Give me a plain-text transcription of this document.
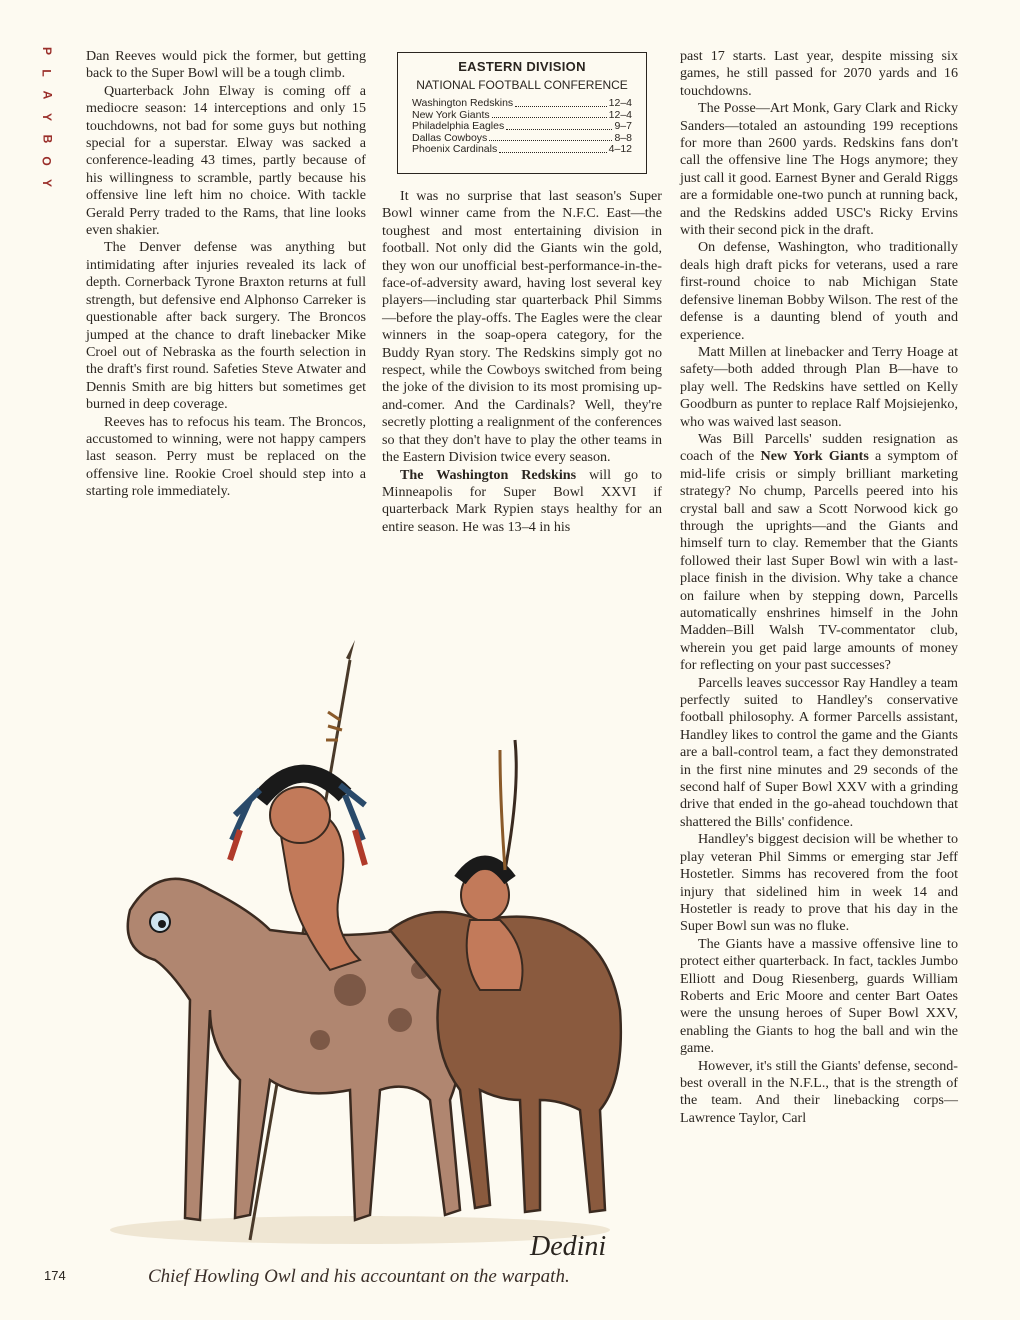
P
L
A
Y
B
O
Y

Dan Reeves would pick the former, but getting back to the Super Bowl will be a tough climb.

Quarterback John Elway is coming off a mediocre season: 14 interceptions and only 15 touchdowns, not bad for some guys but nothing special for a superstar. Elway was sacked a conference-leading 43 times, partly because of his willingness to scramble, partly because his offensive line left him no choice. With tackle Gerald Perry traded to the Rams, that line looks even shakier.

The Denver defense was anything but intimidating after injuries revealed its lack of depth. Cornerback Tyrone Braxton returns at full strength, but defensive end Alphonso Carreker is questionable after back surgery. The Broncos jumped at the chance to draft linebacker Mike Croel out of Nebraska as the fourth selection in the draft's first round. Safeties Steve Atwater and Dennis Smith are big hitters but sometimes get burned in deep coverage.

Reeves has to refocus his team. The Broncos, accustomed to winning, were not happy campers last season. Perry must be replaced on the offensive line. Rookie Croel should step into a starting role immediately.

EASTERN DIVISION
NATIONAL FOOTBALL CONFERENCE
Washington Redskins	12–4
New York Giants	12–4
Philadelphia Eagles	9–7
Dallas Cowboys	8–8
Phoenix Cardinals	4–12

It was no surprise that last season's Super Bowl winner came from the N.F.C. East—the toughest and most entertaining division in football. Not only did the Giants win the gold, they won our unofficial best-performance-in-the-face-of-adversity award, having lost several key players—including star quarterback Phil Simms—before the play-offs. The Eagles were the clear winners in the soap-opera category, for the Buddy Ryan story. The Redskins simply got no respect, while the Cowboys switched from being the joke of the division to its most promising up-and-comer. And the Cardinals? Well, they're secretly plotting a realignment of the conferences so that they don't have to play the other teams in the Eastern Division twice every season.

The Washington Redskins will go to Minneapolis for Super Bowl XXVI if quarterback Mark Rypien stays healthy for an entire season. He was 13–4 in his

past 17 starts. Last year, despite missing six games, he still passed for 2070 yards and 16 touchdowns.

The Posse—Art Monk, Gary Clark and Ricky Sanders—totaled an astounding 199 receptions for more than 2600 yards. Redskins fans don't call the offensive line The Hogs anymore; they just call it good. Earnest Byner and Gerald Riggs are a formidable one-two punch at running back, and the Redskins added USC's Ricky Ervins with their second pick in the draft.

On defense, Washington, who traditionally deals high draft picks for veterans, used a rare first-round choice to nab Michigan State defensive lineman Bobby Wilson. The rest of the defense is a daunting blend of youth and experience.

Matt Millen at linebacker and Terry Hoage at safety—both added through Plan B—have to play well. The Redskins have settled on Kelly Goodburn as punter to replace Ralf Mojsiejenko, who was waived last season.

Was Bill Parcells' sudden resignation as coach of the New York Giants a symptom of mid-life crisis or simply brilliant marketing strategy? No chump, Parcells peered into his crystal ball and saw a Scott Norwood kick go through the uprights—and the Giants and himself turn to clay. Remember that the Giants followed their last Super Bowl win with a last-place finish in the division. Why take a chance on failure when by stepping down, Parcells automatically enshrines himself in the John Madden–Bill Walsh TV-commentator club, wherein you get paid large amounts of money for reflecting on your past successes?

Parcells leaves successor Ray Handley a team perfectly suited to Handley's conservative football philosophy. A former Parcells assistant, Handley likes to control the game and the Giants are a ball-control team, a fact they demonstrated in the first nine minutes and 29 seconds of the second half of Super Bowl XXV with a grinding drive that ended in the go-ahead touchdown that shattered the Bills' confidence.

Handley's biggest decision will be whether to play veteran Phil Simms or emerging star Jeff Hostetler. Simms has recovered from the foot injury that sidelined him in week 14 and Hostetler is ready to prove that his day in the Super Bowl sun was no fluke.

The Giants have a massive offensive line to protect either quarterback. In fact, tackles Jumbo Elliott and Doug Riesenberg, guards William Roberts and Eric Moore and center Bart Oates were the unsung heroes of Super Bowl XXV, enabling the Giants to hog the ball and win the game.

However, it's still the Giants' defense, second-best overall in the N.F.L., that is the strength of the team. And their linebacking corps—Lawrence Taylor, Carl

Dedini
Chief Howling Owl and his accountant on the warpath.
174
